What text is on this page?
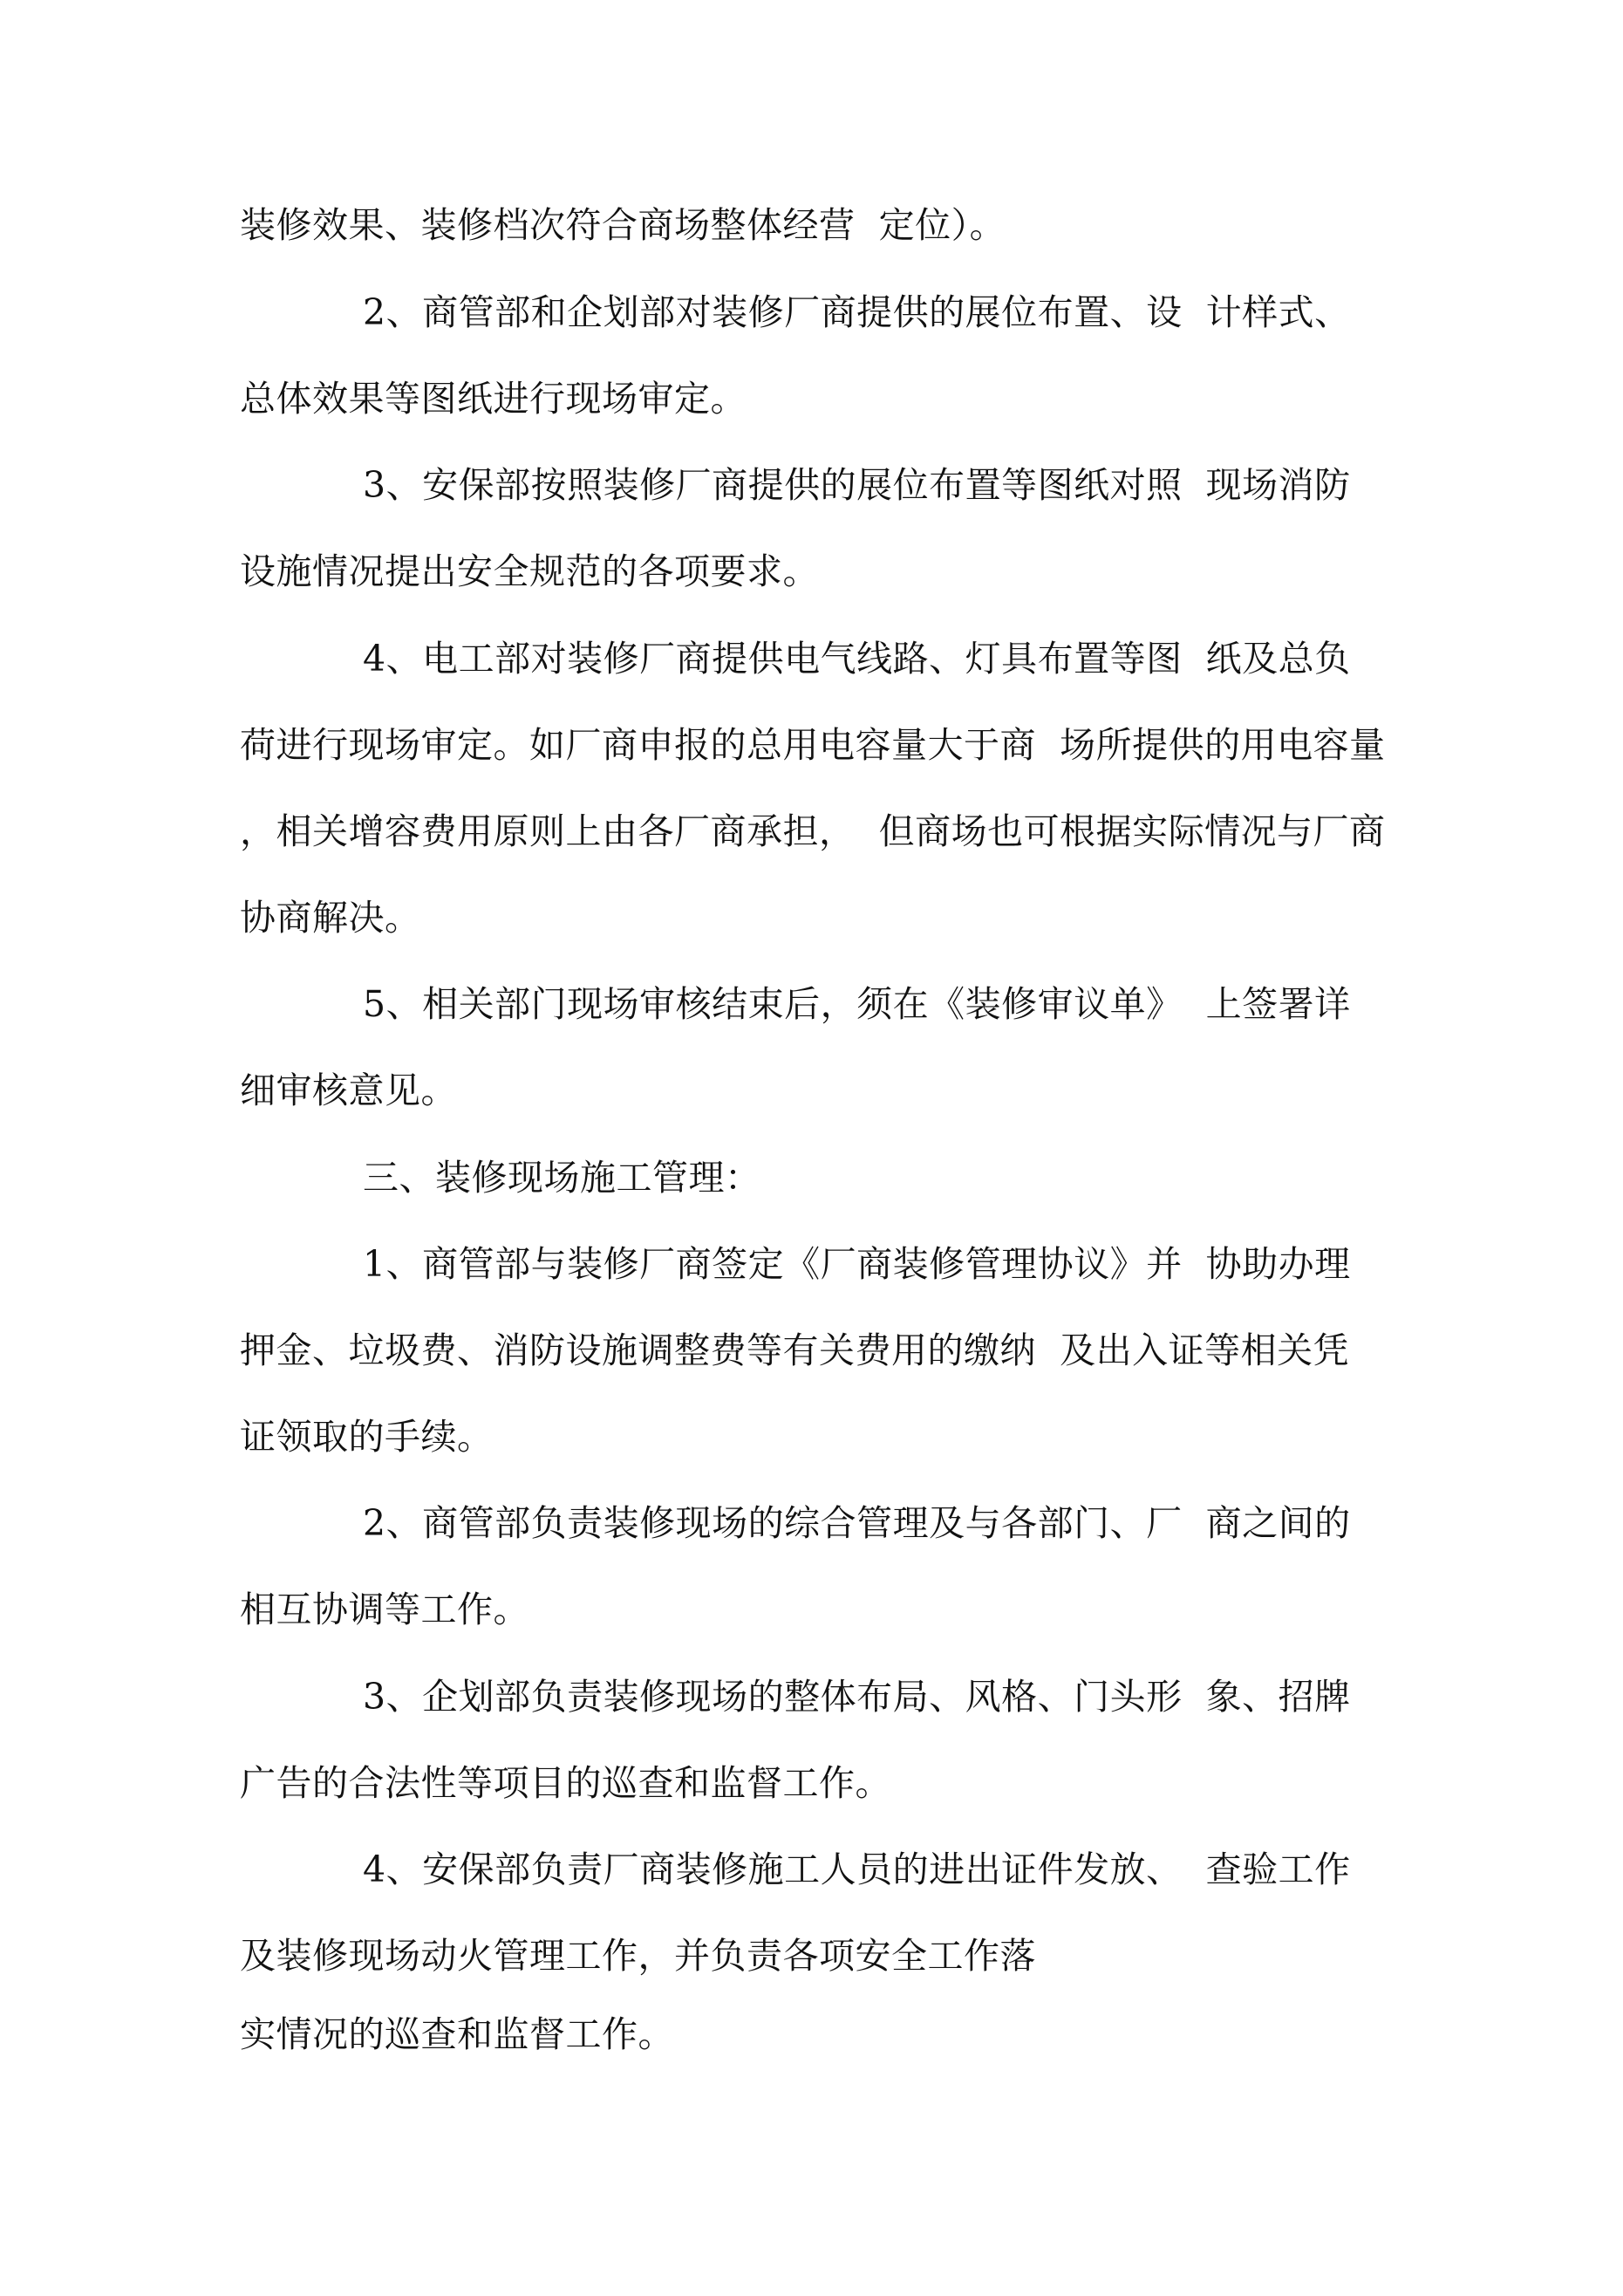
装修效果、装修档次符合商场整体经营  定位）。
2、商管部和企划部对装修厂商提供的展位布置、设  计样式、
总体效果等图纸进行现场审定。
3、安保部按照装修厂商提供的展位布置等图纸对照  现场消防
设施情况提出安全规范的各项要求。
4、电工部对装修厂商提供电气线路、灯具布置等图  纸及总负
荷进行现场审定。如厂商申报的总用电容量大于商  场所提供的用电容量
，相关增容费用原则上由各厂商承担，  但商场也可根据实际情况与厂商
协商解决。
5、相关部门现场审核结束后，须在《装修审议单》  上签署详
细审核意见。
三、装修现场施工管理：
1、商管部与装修厂商签定《厂商装修管理协议》并  协助办理
押金、垃圾费、消防设施调整费等有关费用的缴纳  及出入证等相关凭
证领取的手续。
2、商管部负责装修现场的综合管理及与各部门、厂  商之间的
相互协调等工作。
3、企划部负责装修现场的整体布局、风格、门头形  象、招牌
广告的合法性等项目的巡查和监督工作。
4、安保部负责厂商装修施工人员的进出证件发放、  查验工作
及装修现场动火管理工作，并负责各项安全工作落
实情况的巡查和监督工作。
